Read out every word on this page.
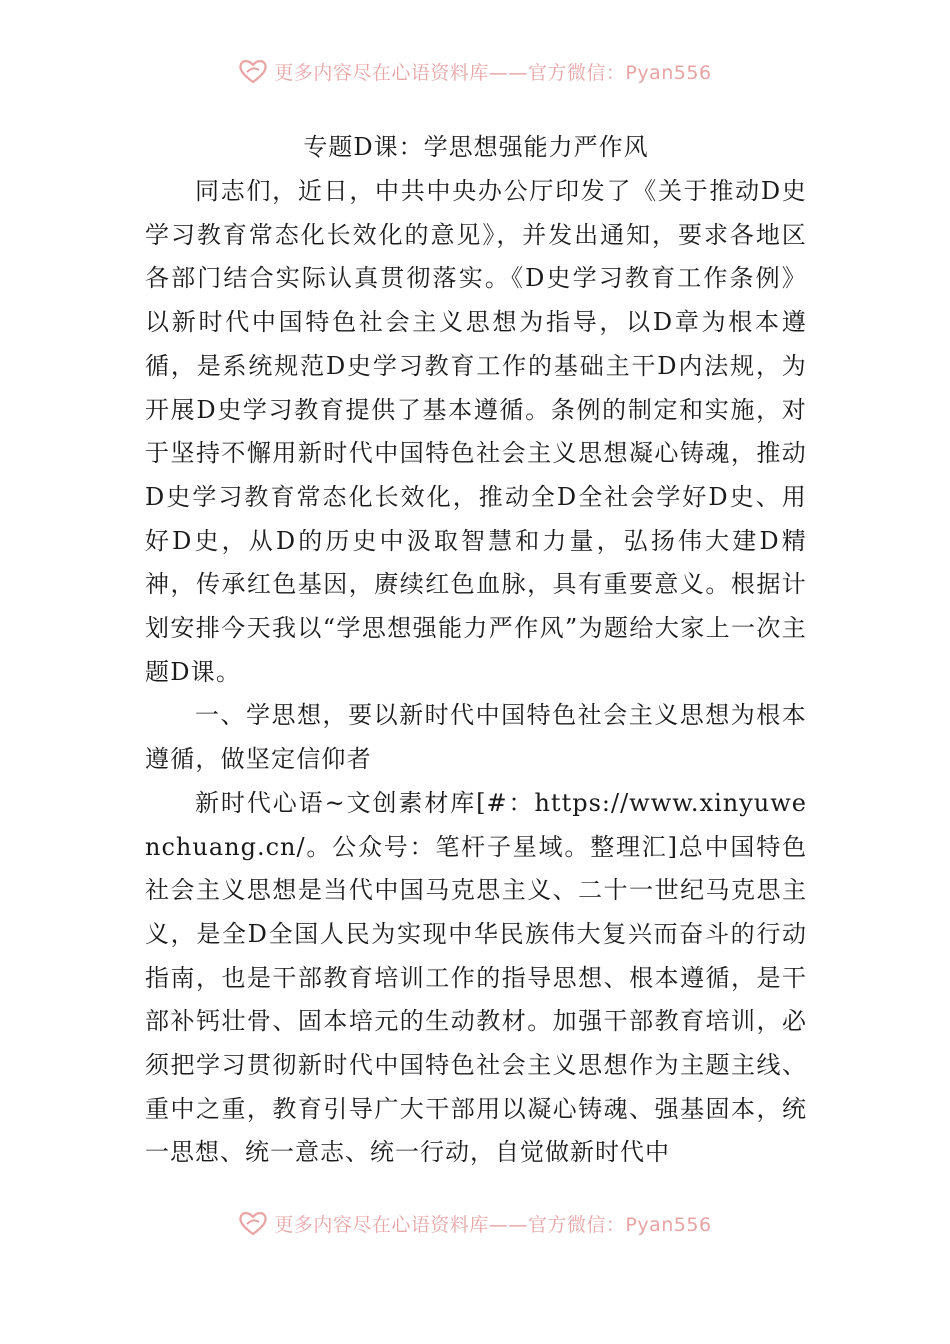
更多内容尽在心语资料库——官方微信：Pyan556
专题D课：学思想强能力严作风

同志们，近日，中共中央办公厅印发了《关于推动D史学习教育常态化长效化的意见》，并发出通知，要求各地区各部门结合实际认真贯彻落实。《D史学习教育工作条例》以新时代中国特色社会主义思想为指导，以D章为根本遵循，是系统规范D史学习教育工作的基础主干D内法规，为开展D史学习教育提供了基本遵循。条例的制定和实施，对于坚持不懈用新时代中国特色社会主义思想凝心铸魂，推动D史学习教育常态化长效化，推动全D全社会学好D史、用好D史，从D的历史中汲取智慧和力量，弘扬伟大建D精神，传承红色基因，赓续红色血脉，具有重要意义。根据计划安排今天我以“学思想强能力严作风”为题给大家上一次主题D课。

一、学思想，要以新时代中国特色社会主义思想为根本遵循，做坚定信仰者

新时代心语~文创素材库[#：https://www.xinyuwenchuang.cn/。公众号：笔杆子星域。整理汇]总中国特色社会主义思想是当代中国马克思主义、二十一世纪马克思主义，是全D全国人民为实现中华民族伟大复兴而奋斗的行动指南，也是干部教育培训工作的指导思想、根本遵循，是干部补钙壮骨、固本培元的生动教材。加强干部教育培训，必须把学习贯彻新时代中国特色社会主义思想作为主题主线、重中之重，教育引导广大干部用以凝心铸魂、强基固本，统一思想、统一意志、统一行动，自觉做新时代中

更多内容尽在心语资料库——官方微信：Pyan556
